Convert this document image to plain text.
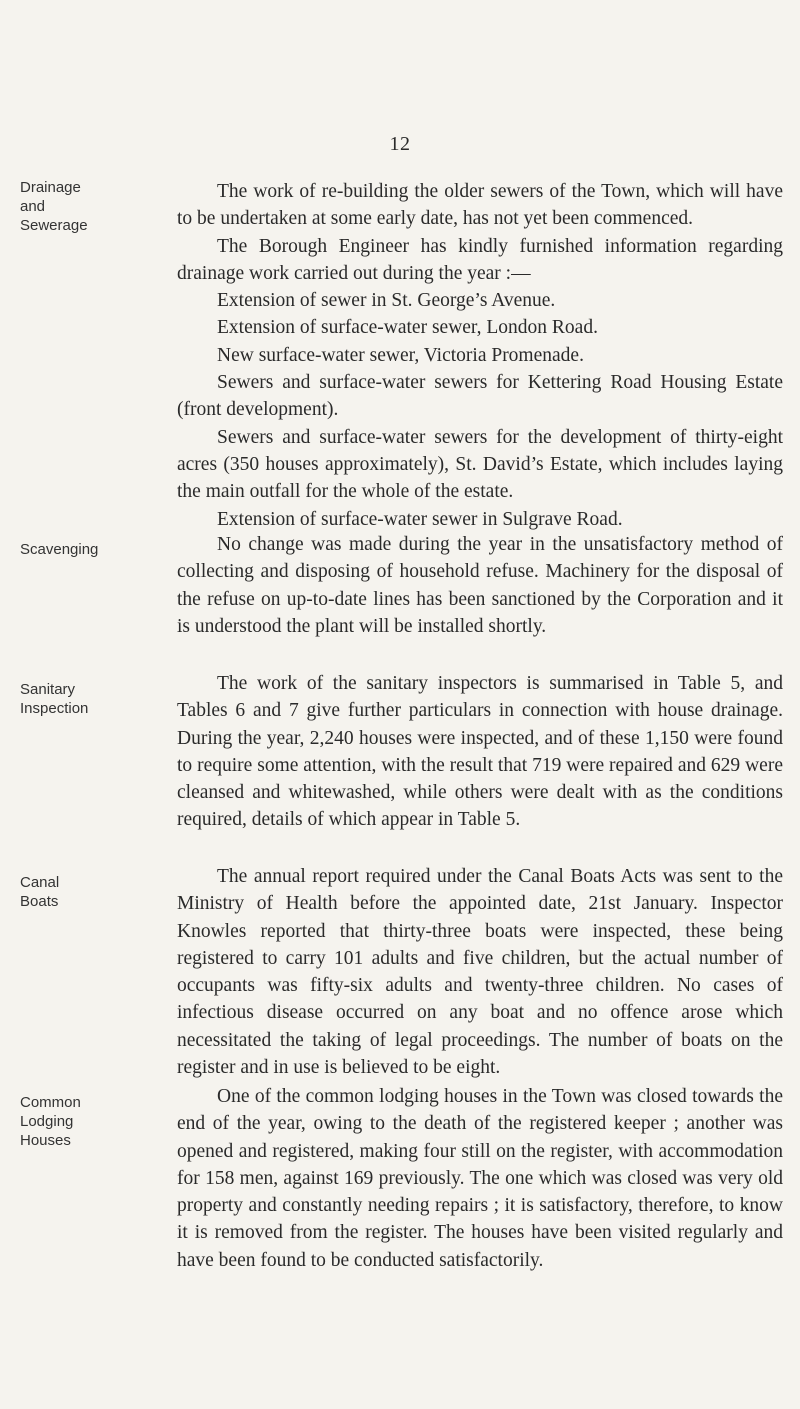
12
Drainage
and
Sewerage

The work of re-building the older sewers of the Town, which will have to be undertaken at some early date, has not yet been commenced.

The Borough Engineer has kindly furnished information regarding drainage work carried out during the year :—

Extension of sewer in St. George’s Avenue.

Extension of surface-water sewer, London Road.

New surface-water sewer, Victoria Promenade.

Sewers and surface-water sewers for Kettering Road Housing Estate (front development).

Sewers and surface-water sewers for the development of thirty-eight acres (350 houses approximately), St. David’s Estate, which includes laying the main outfall for the whole of the estate.

Extension of surface-water sewer in Sulgrave Road.

Scavenging	No change was made during the year in the unsatisfactory method of collecting and disposing of household refuse. Machinery for the disposal of the refuse on up-to-date lines has been sanctioned by the Corporation and it is understood the plant will be installed shortly.

Sanitary
Inspection

The work of the sanitary inspectors is summarised in Table 5, and Tables 6 and 7 give further particulars in connection with house drainage. During the year, 2,240 houses were inspected, and of these 1,150 were found to require some attention, with the result that 719 were repaired and 629 were cleansed and whitewashed, while others were dealt with as the conditions required, details of which appear in Table 5.

Canal
Boats

The annual report required under the Canal Boats Acts was sent to the Ministry of Health before the appointed date, 21st January. Inspector Knowles reported that thirty-three boats were inspected, these being registered to carry 101 adults and five children, but the actual number of occupants was fifty-six adults and twenty-three children. No cases of infectious disease occurred on any boat and no offence arose which necessitated the taking of legal proceedings. The number of boats on the register and in use is believed to be eight.

Common
Lodging
Houses

One of the common lodging houses in the Town was closed towards the end of the year, owing to the death of the registered keeper ; another was opened and registered, making four still on the register, with accommodation for 158 men, against 169 previously. The one which was closed was very old property and constantly needing repairs ; it is satisfactory, therefore, to know it is removed from the register. The houses have been visited regularly and have been found to be conducted satisfactorily.
